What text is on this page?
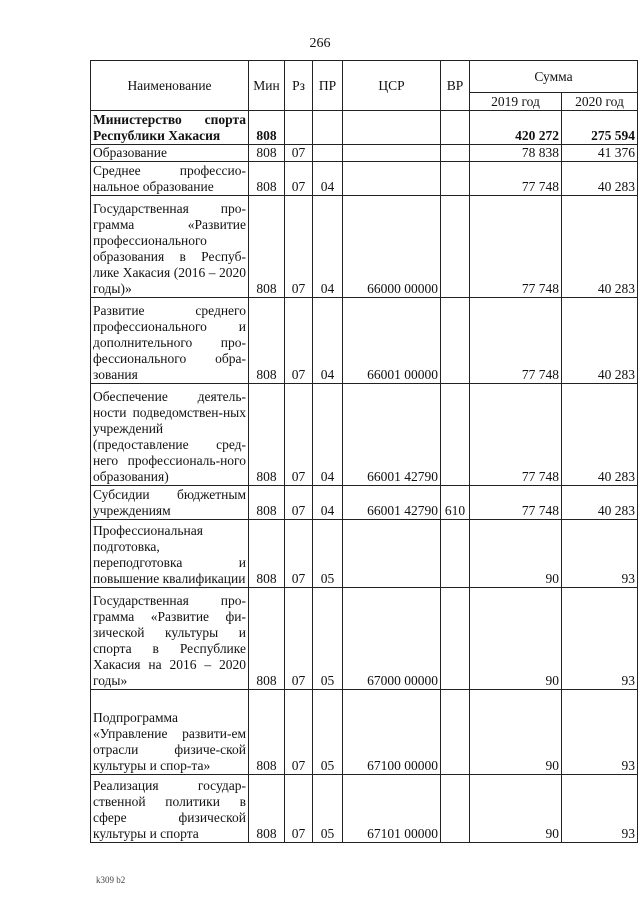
266
Наименование	Мин	Рз	ПР	ЦСР	ВР	Сумма	
						2019 год	2020 год
Министерство спорта Республики Хакасия	808					420 272	275 594
Образование	808	07				78 838	41 376
Среднее профессио-нальное образование	808	07	04			77 748	40 283
Государственная про-грамма «Развитие профессионального образования в Респуб-лике Хакасия (2016 – 2020 годы)»	808	07	04	66000 00000		77 748	40 283
Развитие среднего профессионального и дополнительного про-фессионального обра-зования	808	07	04	66001 00000		77 748	40 283
Обеспечение деятель-ности подведомствен-ных учреждений (предоставление сред-него профессиональ-ного образования)	808	07	04	66001 42790		77 748	40 283
Субсидии бюджетным учреждениям	808	07	04	66001 42790	610	77 748	40 283
Профессиональная подготовка, переподготовка и повышение квалификации	808	07	05			90	93
Государственная про-грамма «Развитие фи-зической культуры и спорта в Республике Хакасия на 2016 – 2020 годы»	808	07	05	67000 00000		90	93
Подпрограмма «Управление развити-ем отрасли физиче-ской культуры и спор-та»	808	07	05	67100 00000		90	93
Реализация государ-ственной политики в сфере физической культуры и спорта	808	07	05	67101 00000		90	93
k309 b2
